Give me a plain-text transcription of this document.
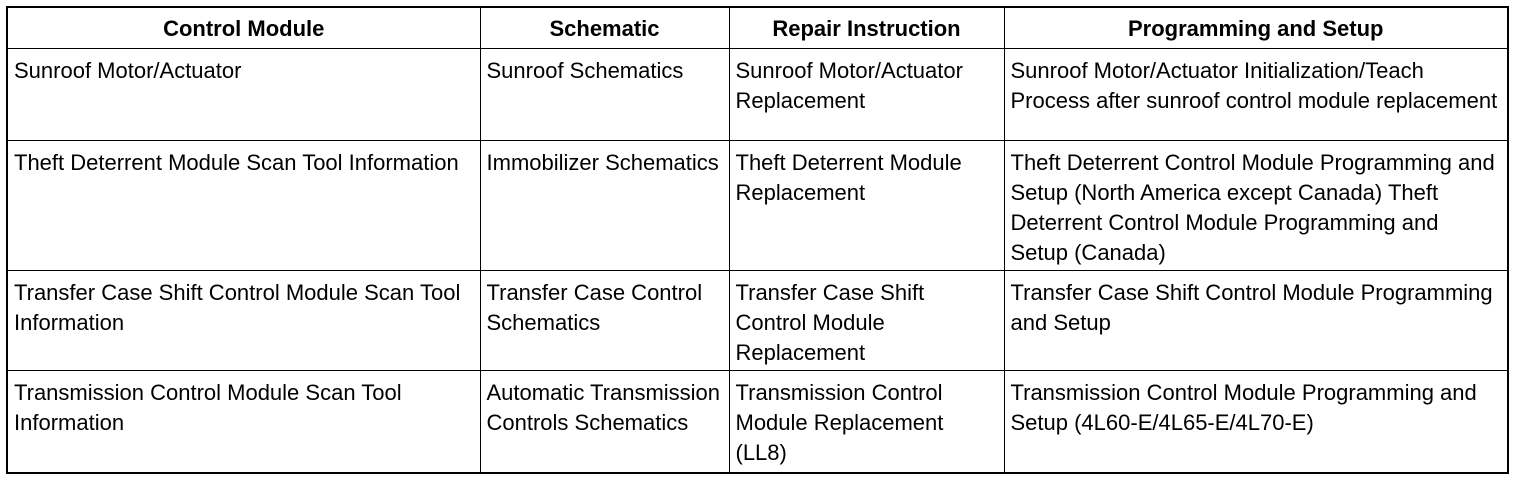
Control Module	Schematic	Repair Instruction	Programming and Setup
Sunroof Motor/Actuator	Sunroof Schematics	Sunroof Motor/Actuator Replacement	Sunroof Motor/Actuator Initialization/Teach Process after sunroof control module replacement
Theft Deterrent Module Scan Tool Information	Immobilizer Schematics	Theft Deterrent Module Replacement	Theft Deterrent Control Module Programming and Setup (North America except Canada) Theft Deterrent Control Module Programming and Setup (Canada)
Transfer Case Shift Control Module Scan Tool Information	Transfer Case Control Schematics	Transfer Case Shift Control Module Replacement	Transfer Case Shift Control Module Programming and Setup
Transmission Control Module Scan Tool Information	Automatic Transmission Controls Schematics	Transmission Control Module Replacement (LL8)	Transmission Control Module Programming and Setup (4L60-E/4L65-E/4L70-E)
